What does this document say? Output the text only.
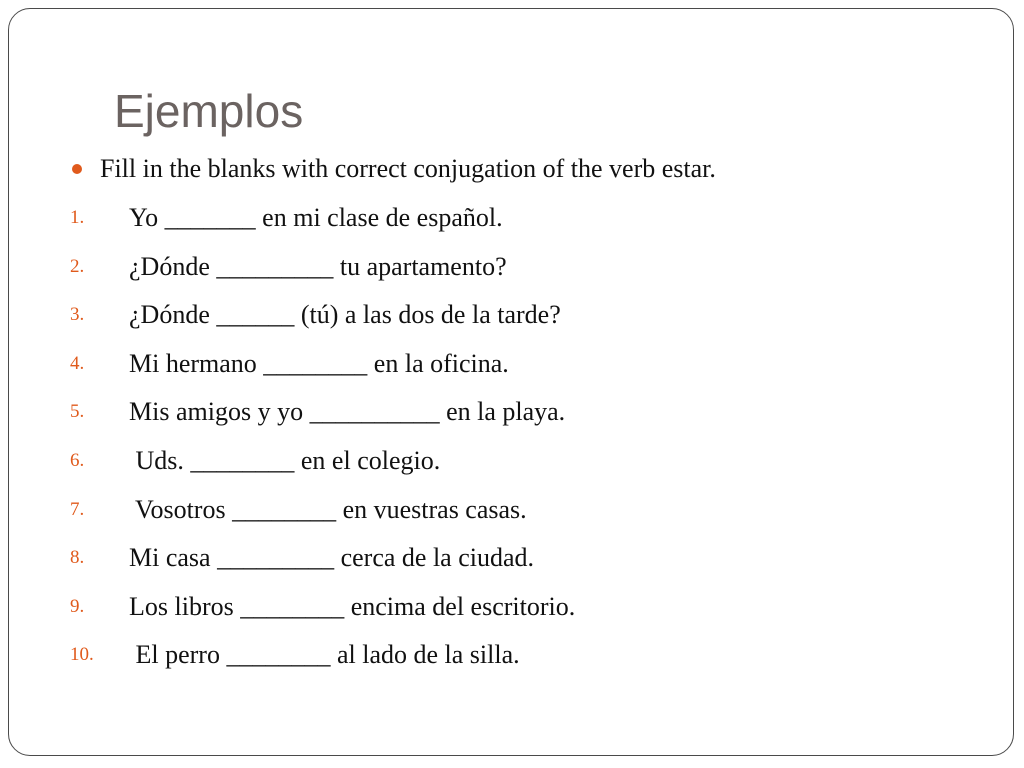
Ejemplos
Fill in the blanks with correct conjugation of the verb estar.
1. Yo _______ en mi clase de español.
2. ¿Dónde _________ tu apartamento?
3. ¿Dónde ______ (tú) a las dos de la tarde?
4. Mi hermano ________ en la oficina.
5. Mis amigos y yo __________ en la playa.
6. Uds. ________ en el colegio.
7. Vosotros ________ en vuestras casas.
8. Mi casa _________ cerca de la ciudad.
9. Los libros ________ encima del escritorio.
10. El perro ________ al lado de la silla.
